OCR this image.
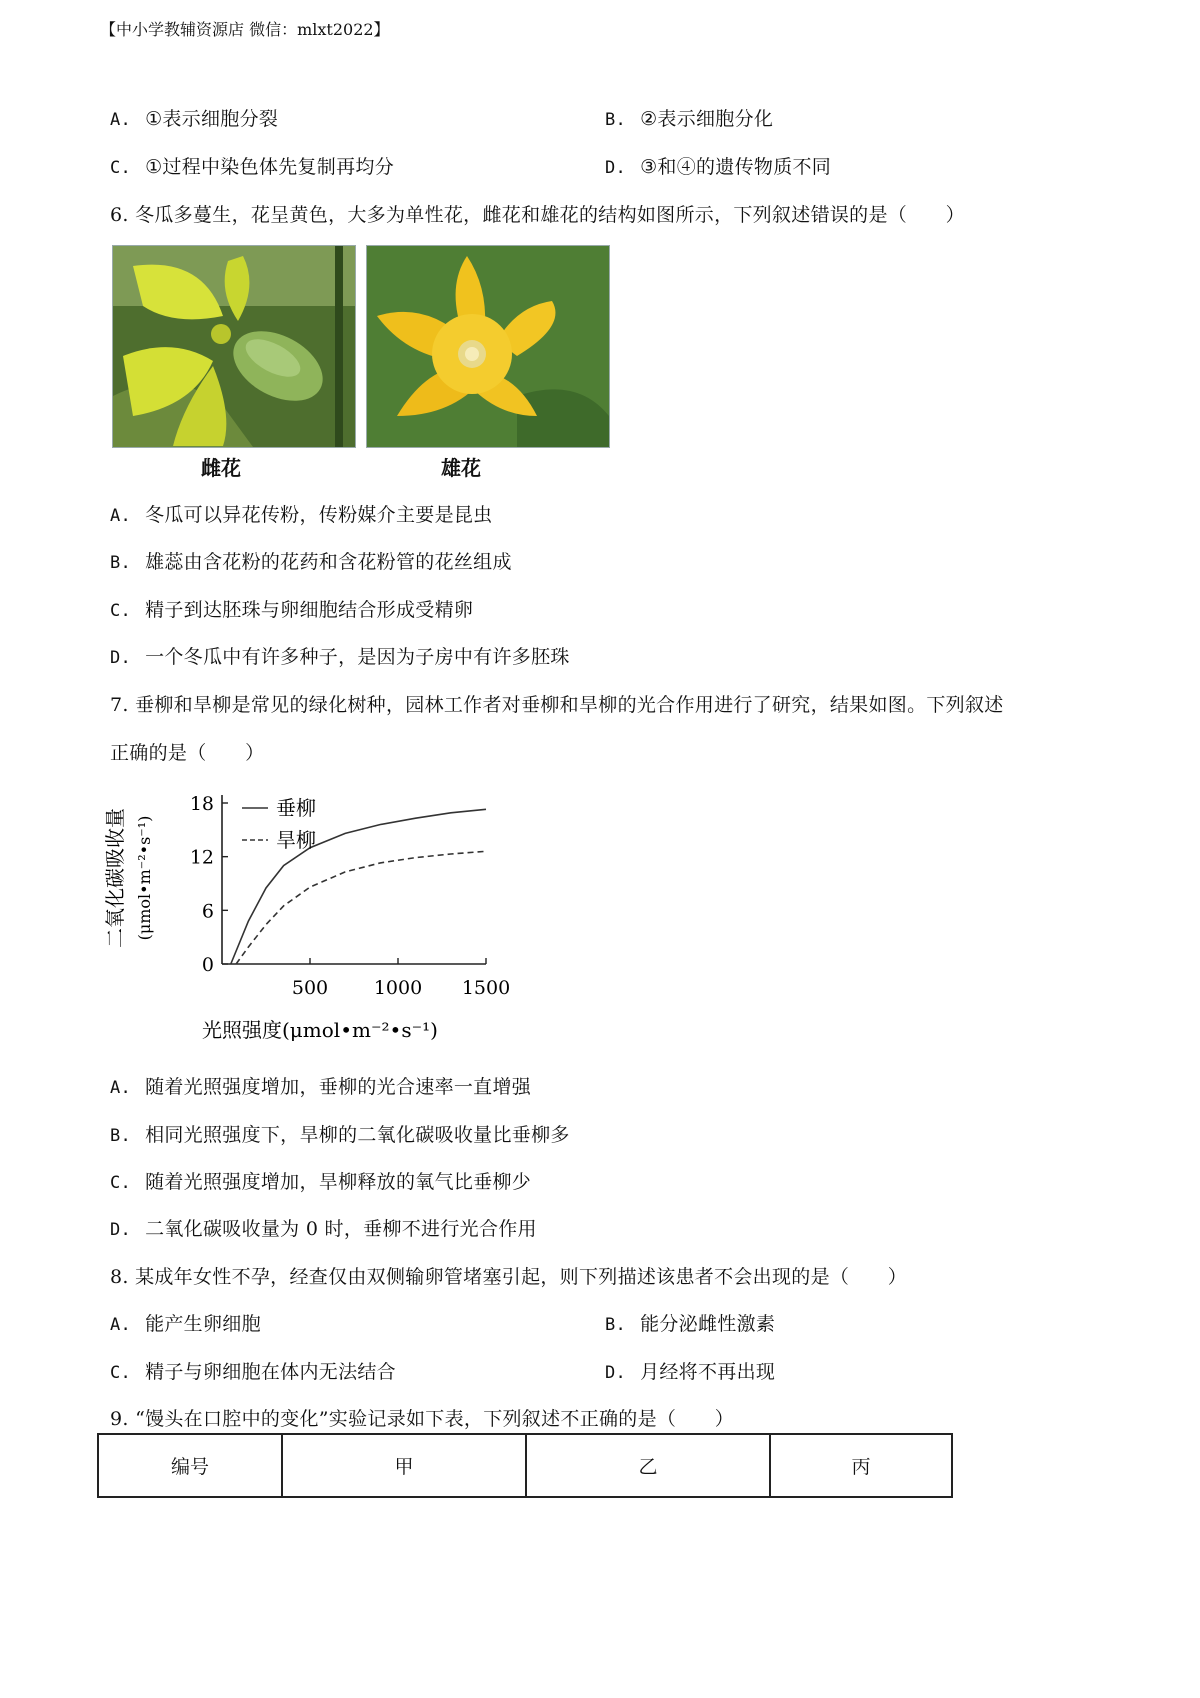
【中小学教辅资源店 微信：mlxt2022】
A. ①表示细胞分裂	B. ②表示细胞分化
C. ①过程中染色体先复制再均分	D. ③和④的遗传物质不同
6. 冬瓜多蔓生，花呈黄色，大多为单性花，雌花和雄花的结构如图所示，下列叙述错误的是（　　）
雌花	雄花
A. 冬瓜可以异花传粉，传粉媒介主要是昆虫
B. 雄蕊由含花粉的花药和含花粉管的花丝组成
C. 精子到达胚珠与卵细胞结合形成受精卵
D. 一个冬瓜中有许多种子，是因为子房中有许多胚珠
7. 垂柳和旱柳是常见的绿化树种，园林工作者对垂柳和旱柳的光合作用进行了研究，结果如图。下列叙述
正确的是（　　）
0
6
12
18
500 1000 1500
垂柳
旱柳
二氧化碳吸收量 (μmol•m⁻²•s⁻¹)
光照强度(μmol•m⁻²•s⁻¹)
A. 随着光照强度增加，垂柳的光合速率一直增强
B. 相同光照强度下，旱柳的二氧化碳吸收量比垂柳多
C. 随着光照强度增加，旱柳释放的氧气比垂柳少
D. 二氧化碳吸收量为 0 时，垂柳不进行光合作用
8. 某成年女性不孕，经查仅由双侧输卵管堵塞引起，则下列描述该患者不会出现的是（　　）
A. 能产生卵细胞	B. 能分泌雌性激素
C. 精子与卵细胞在体内无法结合	D. 月经将不再出现
9. “馒头在口腔中的变化”实验记录如下表，下列叙述不正确的是（　　）
编号	甲	乙	丙
